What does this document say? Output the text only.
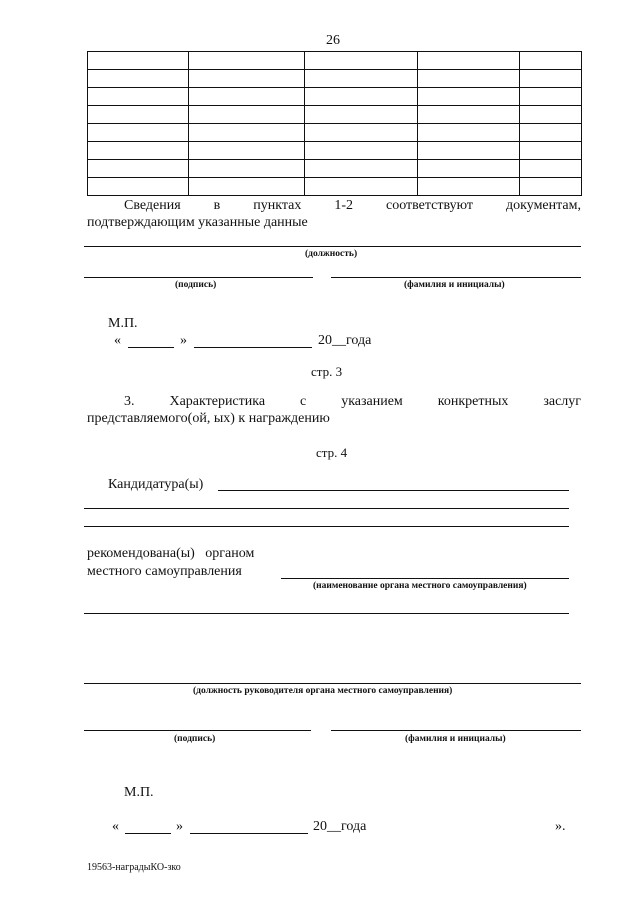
26

Сведения в пунктах 1-2 соответствуют документам,
подтверждающим указанные данные
(должность)
(подпись)	(фамилия и инициалы)
М.П.
«	»	20__года
стр. 3
3. Характеристика с указанием конкретных заслуг
представляемого(ой, ых) к награждению
стр. 4
Кандидатура(ы)
рекомендована(ы)   органом
местного самоуправления
(наименование органа местного самоуправления)
(должность руководителя органа местного самоуправления)
(подпись)	(фамилия и инициалы)
М.П.
«	»	20__года	».
19563-наградыКО-зко
